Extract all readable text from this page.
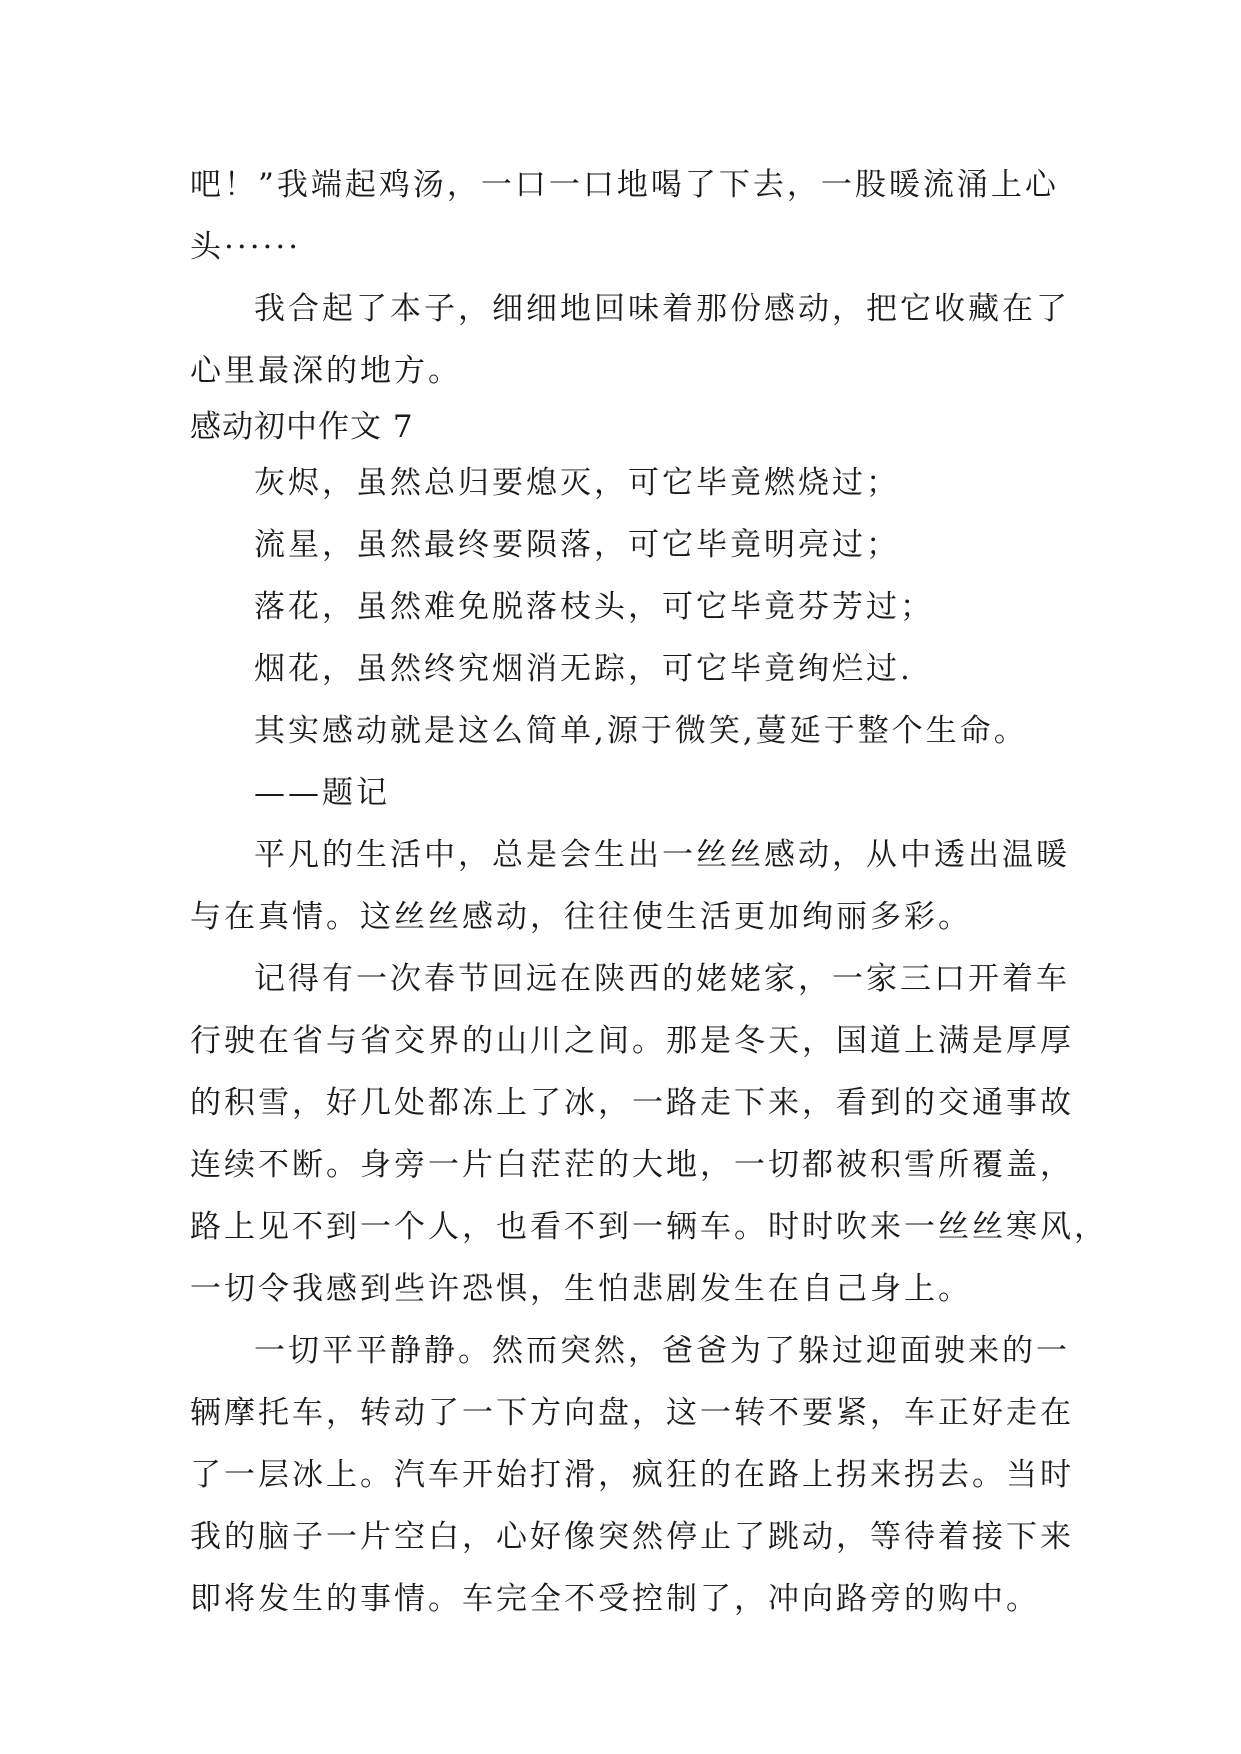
吧！”我端起鸡汤，一口一口地喝了下去，一股暖流涌上心
头······
我合起了本子，细细地回味着那份感动，把它收藏在了
心里最深的地方。
感动初中作文 7
灰烬，虽然总归要熄灭，可它毕竟燃烧过；
流星，虽然最终要陨落，可它毕竟明亮过；
落花，虽然难免脱落枝头，可它毕竟芬芳过；
烟花，虽然终究烟消无踪，可它毕竟绚烂过.
其实感动就是这么简单,源于微笑,蔓延于整个生命。
——题记
平凡的生活中，总是会生出一丝丝感动，从中透出温暖
与在真情。这丝丝感动，往往使生活更加绚丽多彩。
记得有一次春节回远在陕西的姥姥家，一家三口开着车
行驶在省与省交界的山川之间。那是冬天，国道上满是厚厚
的积雪，好几处都冻上了冰，一路走下来，看到的交通事故
连续不断。身旁一片白茫茫的大地，一切都被积雪所覆盖，
路上见不到一个人，也看不到一辆车。时时吹来一丝丝寒风，
一切令我感到些许恐惧，生怕悲剧发生在自己身上。
一切平平静静。然而突然，爸爸为了躲过迎面驶来的一
辆摩托车，转动了一下方向盘，这一转不要紧，车正好走在
了一层冰上。汽车开始打滑，疯狂的在路上拐来拐去。当时
我的脑子一片空白，心好像突然停止了跳动，等待着接下来
即将发生的事情。车完全不受控制了，冲向路旁的购中。
